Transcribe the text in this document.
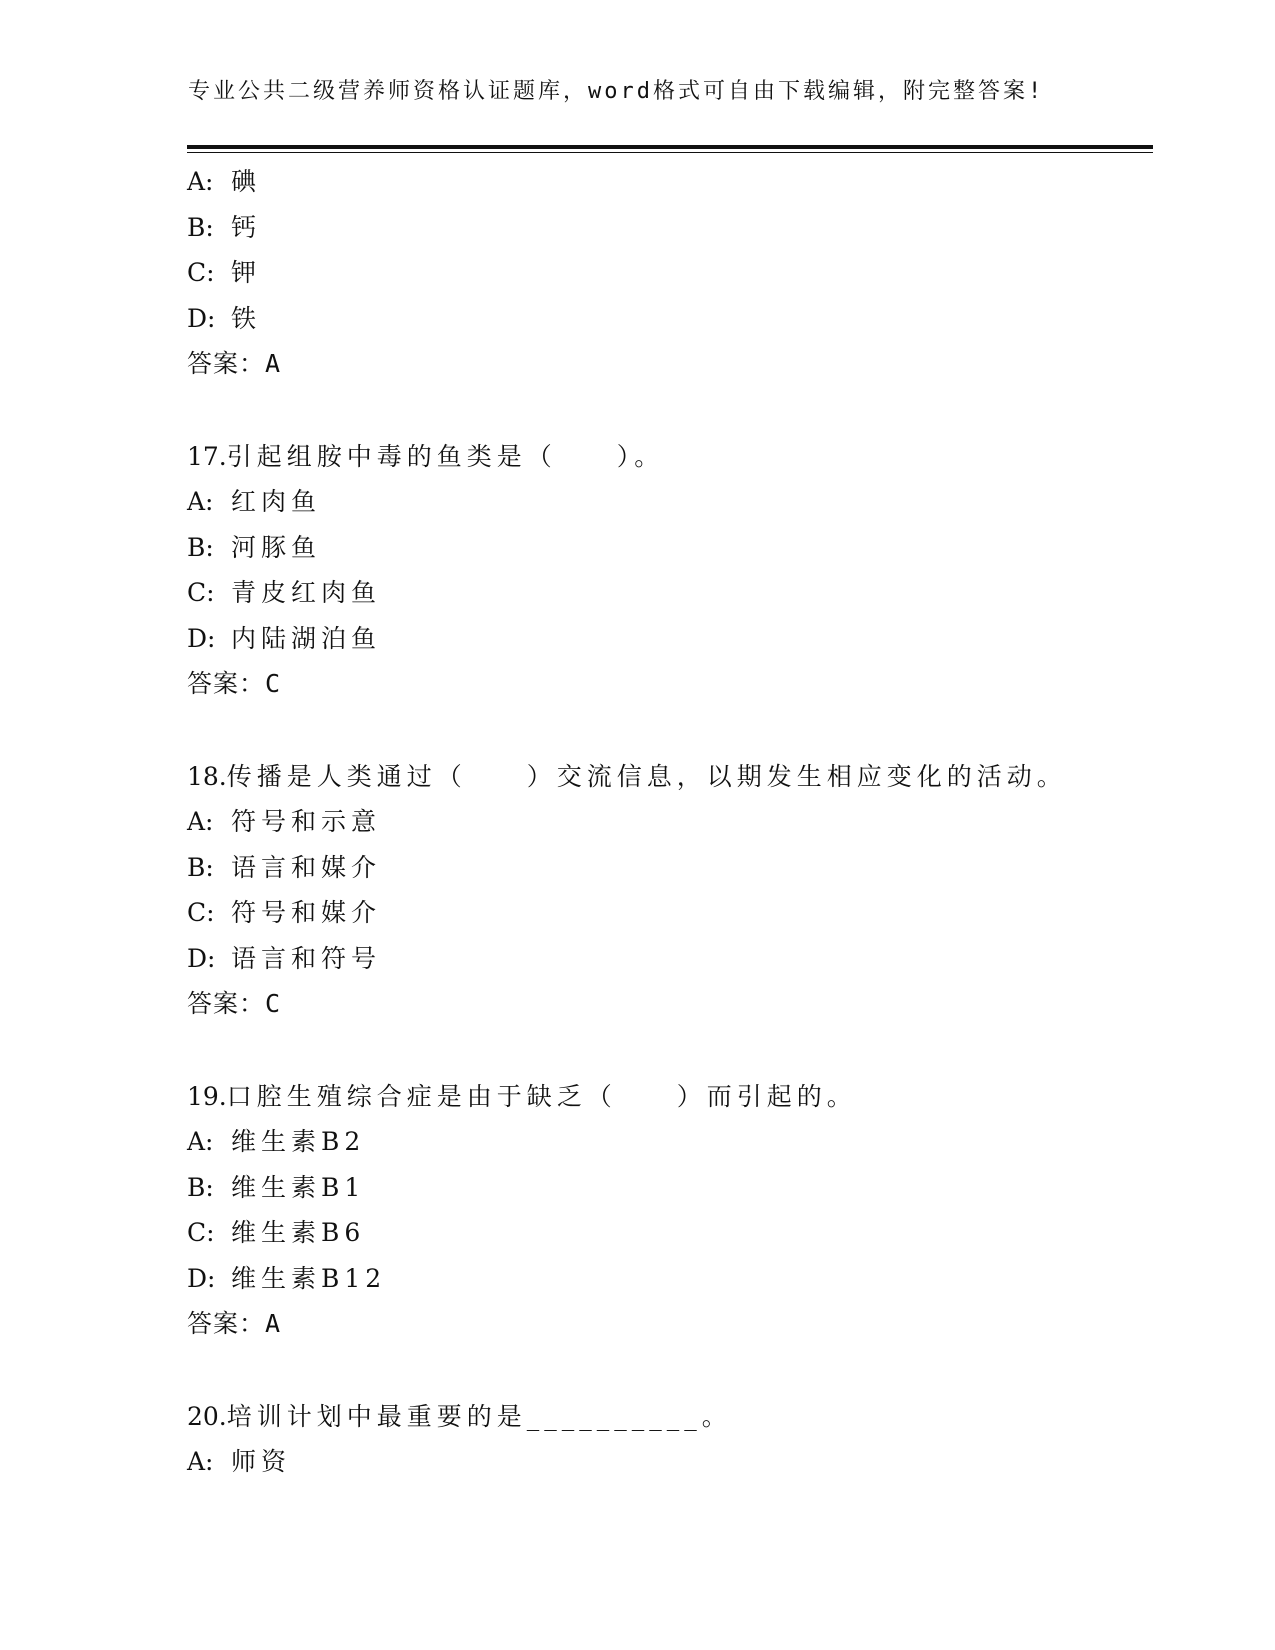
专业公共二级营养师资格认证题库，word格式可自由下载编辑，附完整答案!
A: 碘
B: 钙
C: 钾
D: 铁
答案：A
17.引起组胺中毒的鱼类是（　　）。
A: 红肉鱼
B: 河豚鱼
C: 青皮红肉鱼
D: 内陆湖泊鱼
答案：C
18.传播是人类通过（　　）交流信息，以期发生相应变化的活动。
A: 符号和示意
B: 语言和媒介
C: 符号和媒介
D: 语言和符号
答案：C
19.口腔生殖综合症是由于缺乏（　　）而引起的。
A: 维生素B2
B: 维生素B1
C: 维生素B6
D: 维生素B12
答案：A
20.培训计划中最重要的是__________。
A: 师资
